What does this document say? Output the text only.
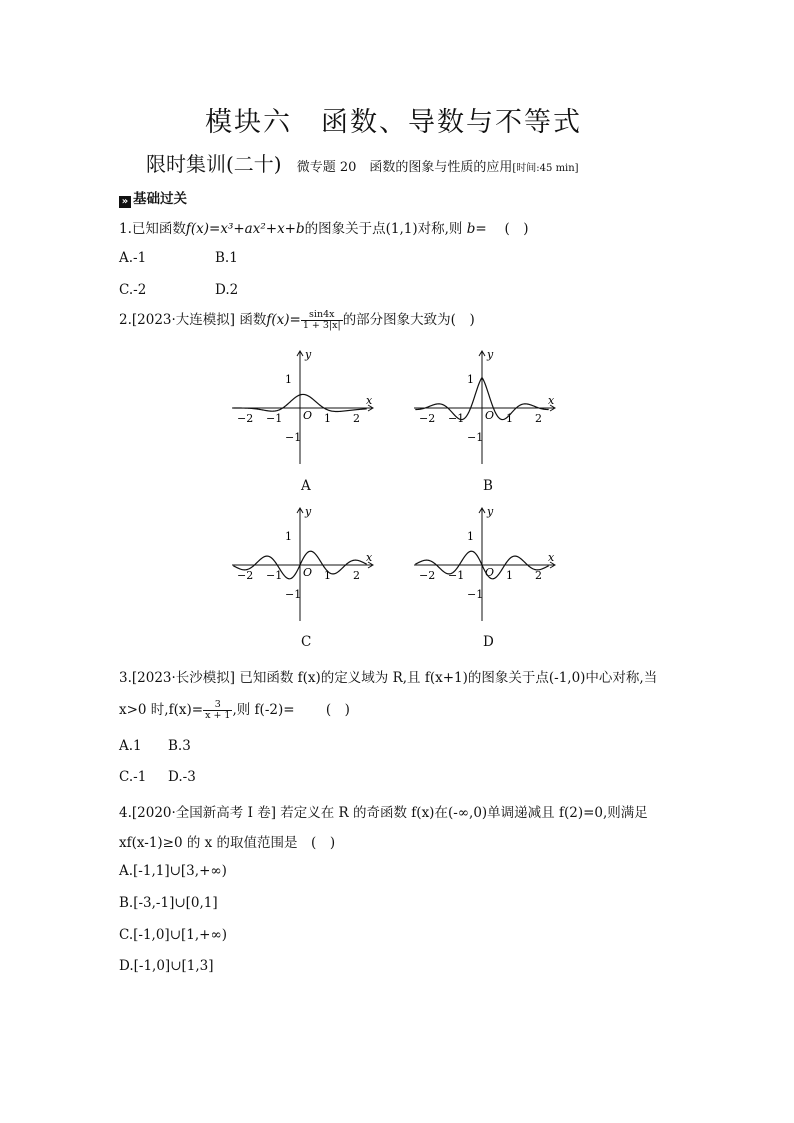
模块六　函数、导数与不等式
限时集训(二十) 微专题 20　函数的图象与性质的应用[时间:45 min]
» 基础过关
1.已知函数f(x)=x³+ax²+x+b的图象关于点(1,1)对称,则 b=　 (　)
A.-1	B.1
C.-2	D.2
2.[2023·大连模拟] 函数$f(x)= \frac{\sin 4x}{1 + 3|x|}$ 的部分图象大致为(　)
−2 −1	1 2
1
−1
O
x
y
−2 −1	1 2
1
−1
O
x
y
−2 −1	1 2
1
−1
O
x
y
−2 −1	1 2
1
−1
O
x
y
A	B
C	D
3.[2023·长沙模拟] 已知函数 f(x)的定义域为 R,且 f(x+1)的图象关于点(-1,0)中心对称,当
x>0 时$,f(x)= \frac{3}{x + 1}$ ,则 f(-2)=　　 (　)
A.1 B.3
C.-1 D.-3
4.[2020·全国新高考 I 卷] 若定义在 R 的奇函数 f(x)在(-∞,0)单调递减且 f(2)=0,则满足
xf(x-1)≥0 的 x 的取值范围是　(　)
A.[-1,1]∪[3,+∞)
B.[-3,-1]∪[0,1]
C.[-1,0]∪[1,+∞)
D.[-1,0]∪[1,3]
